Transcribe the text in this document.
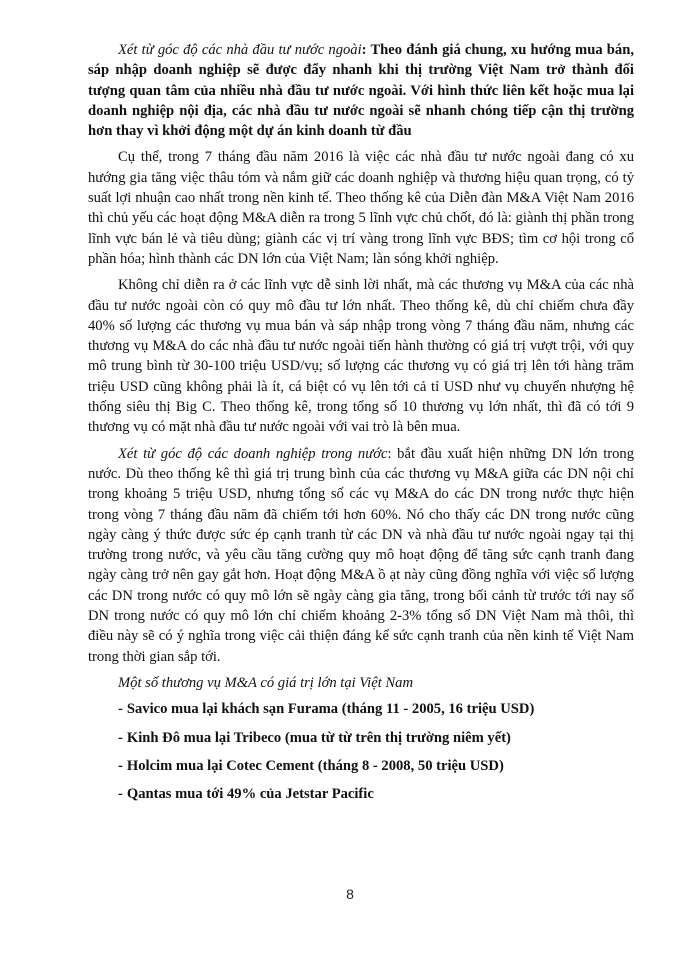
Xét từ góc độ các nhà đầu tư nước ngoài: Theo đánh giá chung, xu hướng mua bán, sáp nhập doanh nghiệp sẽ được đẩy nhanh khi thị trường Việt Nam trở thành đối tượng quan tâm của nhiều nhà đầu tư nước ngoài. Với hình thức liên kết hoặc mua lại doanh nghiệp nội địa, các nhà đầu tư nước ngoài sẽ nhanh chóng tiếp cận thị trường hơn thay vì khởi động một dự án kinh doanh từ đầu

Cụ thể, trong 7 tháng đầu năm 2016 là việc các nhà đầu tư nước ngoài đang có xu hướng gia tăng việc thâu tóm và nắm giữ các doanh nghiệp và thương hiệu quan trọng, có tỷ suất lợi nhuận cao nhất trong nền kinh tế. Theo thống kê của Diễn đàn M&A Việt Nam 2016 thì chủ yếu các hoạt động M&A diễn ra trong 5 lĩnh vực chủ chốt, đó là: giành thị phần trong lĩnh vực bán lẻ và tiêu dùng; giành các vị trí vàng trong lĩnh vực BĐS; tìm cơ hội trong cổ phần hóa; hình thành các DN lớn của Việt Nam; làn sóng khởi nghiệp.

Không chỉ diễn ra ở các lĩnh vực dễ sinh lời nhất, mà các thương vụ M&A của các nhà đầu tư nước ngoài còn có quy mô đầu tư lớn nhất. Theo thống kê, dù chỉ chiếm chưa đầy 40% số lượng các thương vụ mua bán và sáp nhập trong vòng 7 tháng đầu năm, nhưng các thương vụ M&A do các nhà đầu tư nước ngoài tiến hành thường có giá trị vượt trội, với quy mô trung bình từ 30-100 triệu USD/vụ; số lượng các thương vụ có giá trị lên tới hàng trăm triệu USD cũng không phải là ít, cá biệt có vụ lên tới cả tỉ USD như vụ chuyển nhượng hệ thống siêu thị Big C. Theo thống kê, trong tổng số 10 thương vụ lớn nhất, thì đã có tới 9 thương vụ có mặt nhà đầu tư nước ngoài với vai trò là bên mua.

Xét từ góc độ các doanh nghiệp trong nước: bắt đầu xuất hiện những DN lớn trong nước. Dù theo thống kê thì giá trị trung bình của các thương vụ M&A giữa các DN nội chỉ trong khoảng 5 triệu USD, nhưng tổng số các vụ M&A do các DN trong nước thực hiện trong vòng 7 tháng đầu năm đã chiếm tới hơn 60%. Nó cho thấy các DN trong nước cũng ngày càng ý thức được sức ép cạnh tranh từ các DN và nhà đầu tư nước ngoài ngay tại thị trường trong nước, và yêu cầu tăng cường quy mô hoạt động để tăng sức cạnh tranh đang ngày càng trở nên gay gắt hơn. Hoạt động M&A ồ ạt này cũng đồng nghĩa với việc số lượng các DN trong nước có quy mô lớn sẽ ngày càng gia tăng, trong bối cảnh từ trước tới nay số DN trong nước có quy mô lớn chỉ chiếm khoảng 2-3% tổng số DN Việt Nam mà thôi, thì điều này sẽ có ý nghĩa trong việc cải thiện đáng kể sức cạnh tranh của nền kinh tế Việt Nam trong thời gian sắp tới.

Một số thương vụ M&A có giá trị lớn tại Việt Nam

- Savico mua lại khách sạn Furama (tháng 11 - 2005, 16 triệu USD)
- Kinh Đô mua lại Tribeco (mua từ từ trên thị trường niêm yết)
- Holcim mua lại Cotec Cement (tháng 8 - 2008, 50 triệu USD)
- Qantas mua tới 49% của Jetstar Pacific
8
